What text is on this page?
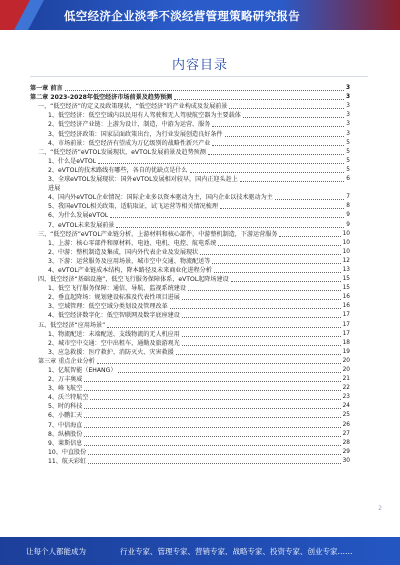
低空经济企业淡季不淡经营管理策略研究报告
内容目录
第一章 前言	3
第二章 2023-2028年低空经济市场前景及趋势预测	3
一、“低空经济”的定义及政策现状，“低空经济”的产业构成及发展前景	3
1、低空经济：低空空域内以民用有人驾驶和无人驾驶航空器为主要载体	3
2、低空经济产业链：上游为设计、制造，中游为运营、服务	3
3、低空经济政策：国家层面政策出台，为行业发展创造良好条件	3
4、市场前景：低空经济有望成为万亿级别的战略性新兴产业	5
二、“低空经济”eVTOL发展现状，eVTOL发展前景及趋势预测	5
1、什么是eVTOL	5
2、eVTOL的技术路线有哪些，各自的优缺点是什么	5
3、全球eVTOL发展现状：国外eVTOL发展相对较早，国内正迎头赶上	6
进展
4、国内外eVTOL企业情况：国际企业多以资本驱动为主，国内企业以技术驱动为主	7
5、我国eVTOL相关政策，适航取证，试飞运营等相关情况梳理	8
6、为什么发展eVTOL	9
7、eVTOL未来发展前景	9
三、“低空经济”eVTOL产业链分析，上游材料和核心部件，中游整机制造，下游运营服务	10
1、上游：核心零部件和原材料，电池、电机、电控、航电系统	10
2、中游：整机制造及集成，国内外代表企业及发展现状	10
3、下游：运营服务及应用场景，城市空中交通、物流配送等	12
4、eVTOL产业链成本结构，降本路径及未来商业化进程分析	13
四、低空经济“基础设施”，低空飞行服务保障体系，eVTOL起降场建设	15
1、低空飞行服务保障：通信、导航、监视系统建设	15
2、垂直起降场：规划建设标准及代表性项目进展	16
3、空域管理：低空空域分类划设及管理改革	16
4、低空经济数字化：低空智联网及数字底座建设	17
五、低空经济“应用场景”	17
1、物流配送：末端配送、支线物流的无人机应用	17
2、城市空中交通：空中出租车、通勤及旅游观光	18
3、应急救援：医疗救护、消防灭火、灾害救援	19
第三章 重点企业分析	20
1、亿航智能（EHANG）	20
2、万丰奥威	21
3、峰飞航空	22
4、沃兰特航空	23
5、时的科技	24
6、小鹏汇天	25
7、中信海直	26
8、纵横股份	27
9、莱斯信息	28
10、中直股份	29
11、航天彩虹	30
2
让每个人都能成为	行业专家、管理专家、营销专家、战略专家、投资专家、创业专家……
